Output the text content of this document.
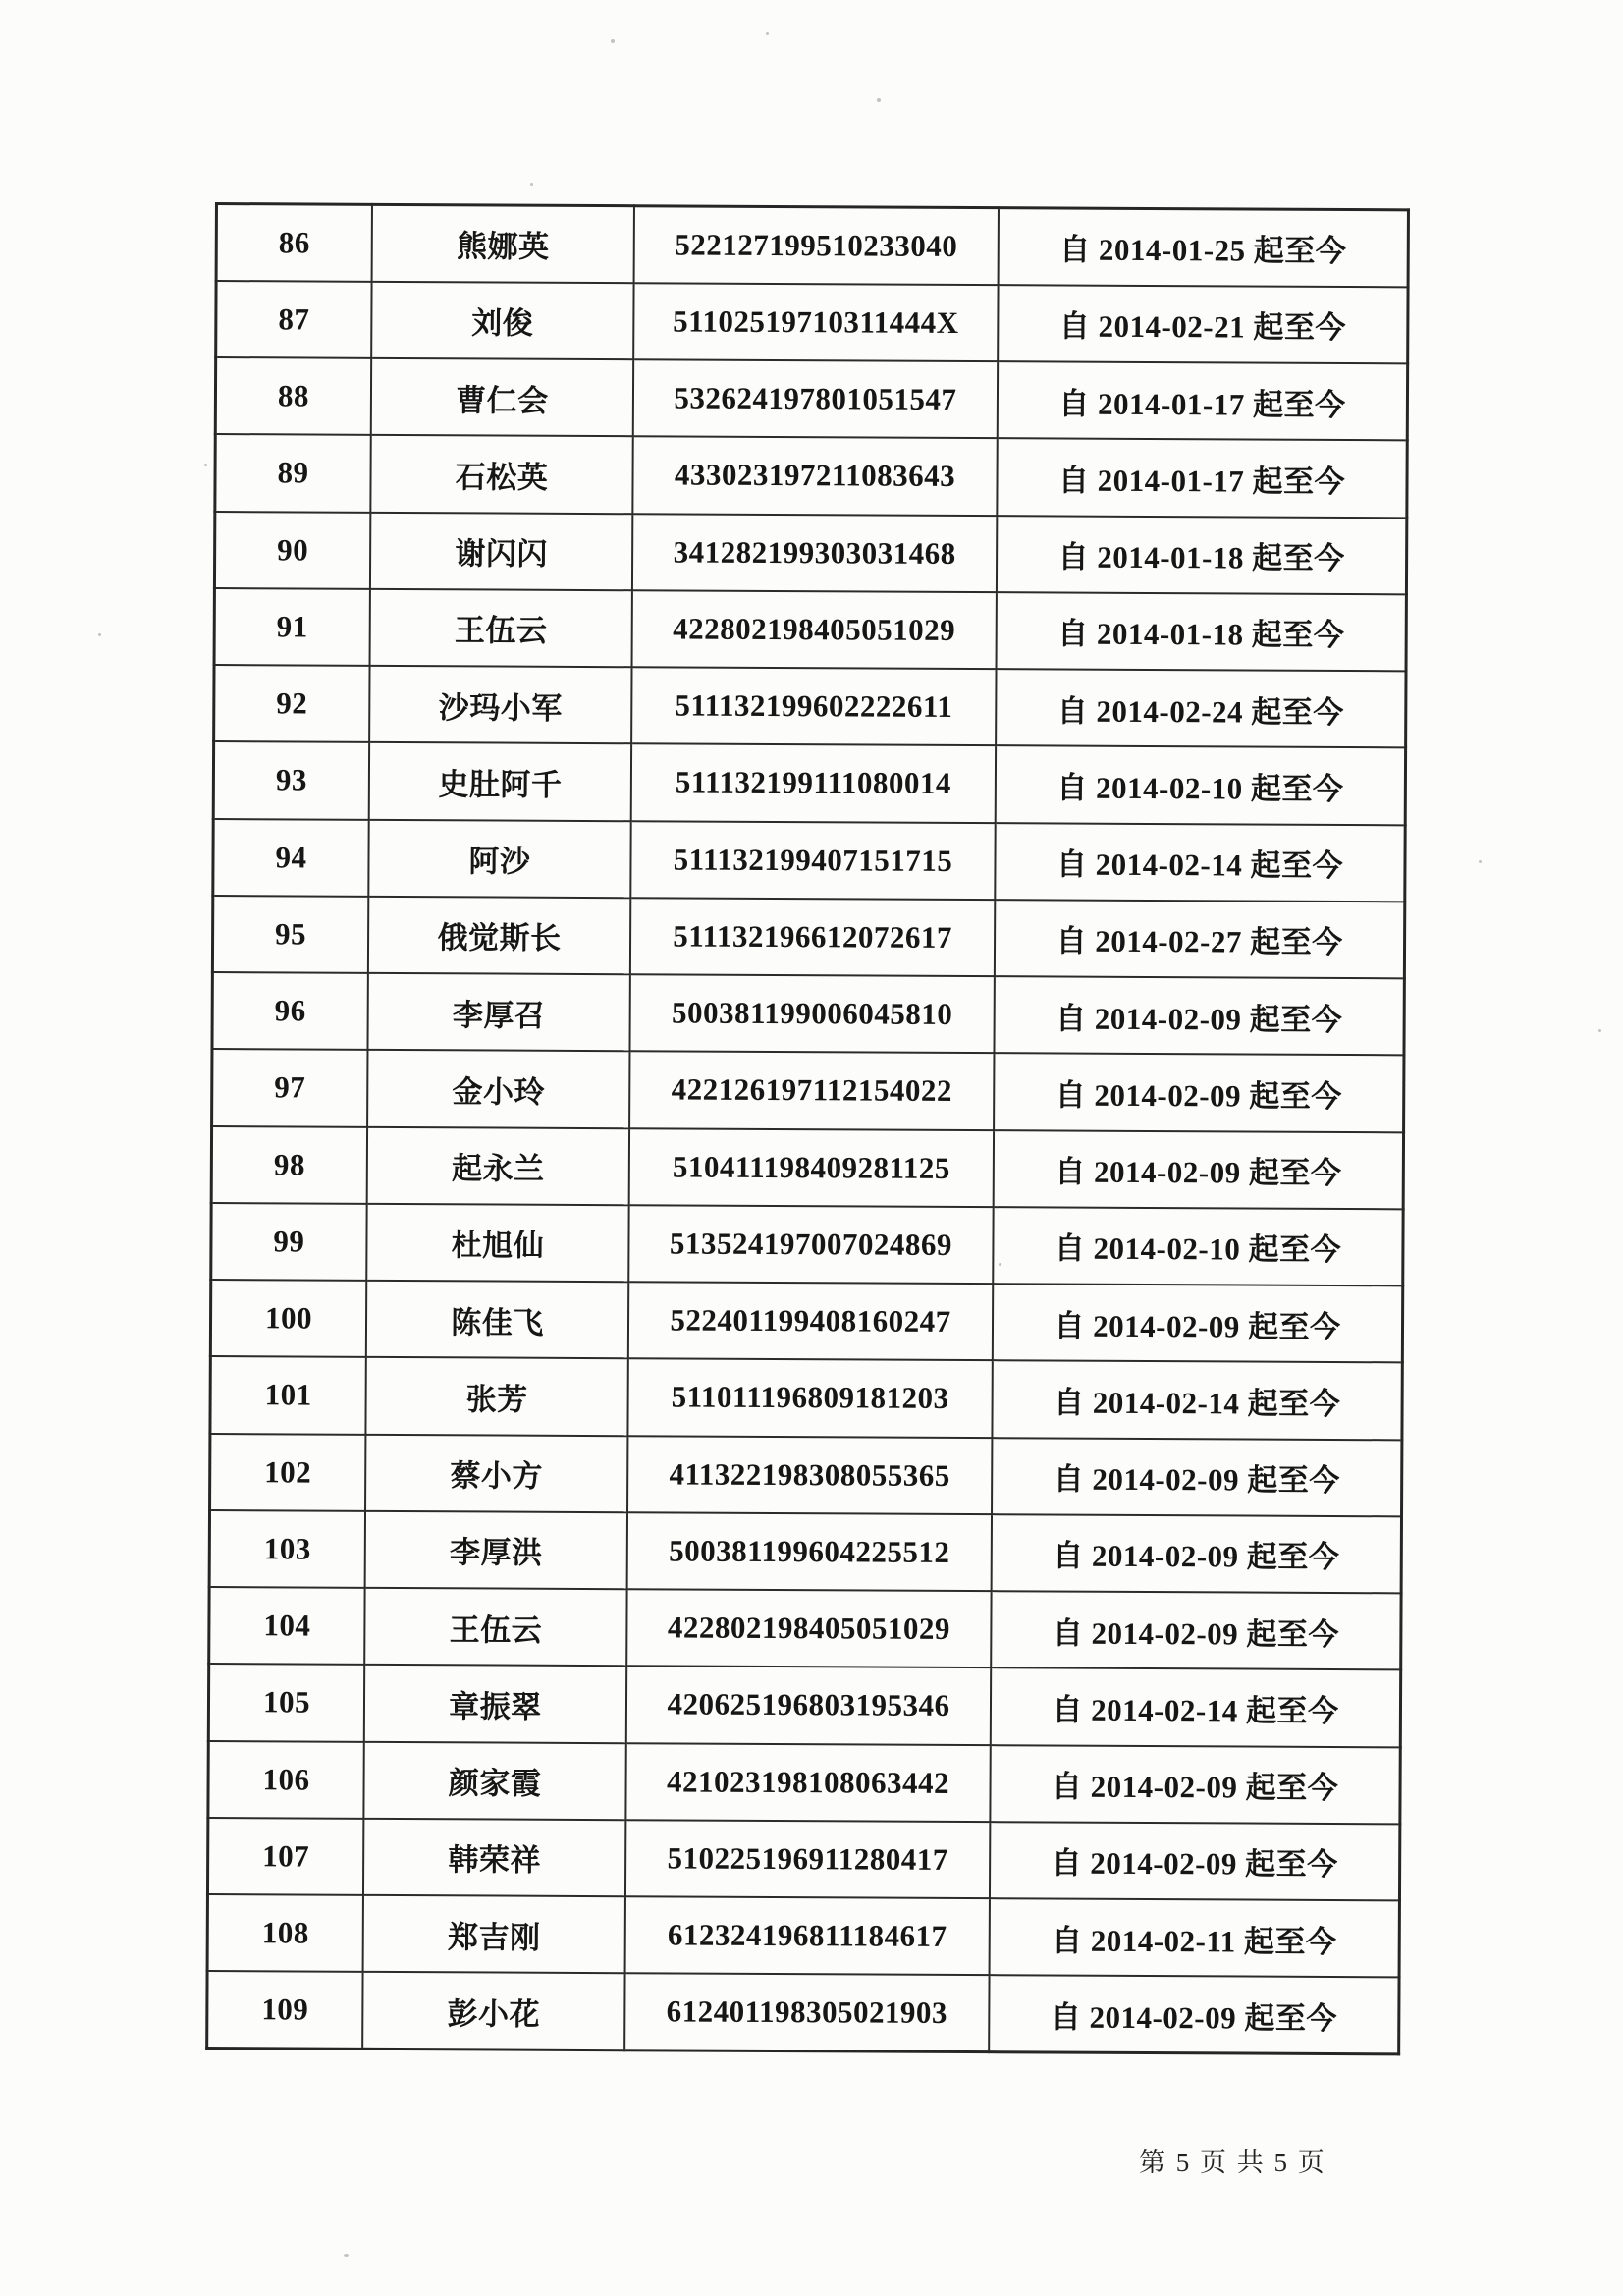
86	熊娜英	522127199510233040	自 2014-01-25 起至今
87	刘俊	51102519710311444X	自 2014-02-21 起至今
88	曹仁会	532624197801051547	自 2014-01-17 起至今
89	石松英	433023197211083643	自 2014-01-17 起至今
90	谢闪闪	341282199303031468	自 2014-01-18 起至今
91	王伍云	422802198405051029	自 2014-01-18 起至今
92	沙玛小军	511132199602222611	自 2014-02-24 起至今
93	史肚阿千	511132199111080014	自 2014-02-10 起至今
94	阿沙	511132199407151715	自 2014-02-14 起至今
95	俄觉斯长	511132196612072617	自 2014-02-27 起至今
96	李厚召	500381199006045810	自 2014-02-09 起至今
97	金小玲	422126197112154022	自 2014-02-09 起至今
98	起永兰	510411198409281125	自 2014-02-09 起至今
99	杜旭仙	513524197007024869	自 2014-02-10 起至今
100	陈佳飞	522401199408160247	自 2014-02-09 起至今
101	张芳	511011196809181203	自 2014-02-14 起至今
102	蔡小方	411322198308055365	自 2014-02-09 起至今
103	李厚洪	500381199604225512	自 2014-02-09 起至今
104	王伍云	422802198405051029	自 2014-02-09 起至今
105	章振翠	420625196803195346	自 2014-02-14 起至今
106	颜家霞	421023198108063442	自 2014-02-09 起至今
107	韩荣祥	510225196911280417	自 2014-02-09 起至今
108	郑吉刚	612324196811184617	自 2014-02-11 起至今
109	彭小花	612401198305021903	自 2014-02-09 起至今
第 5 页 共 5 页
